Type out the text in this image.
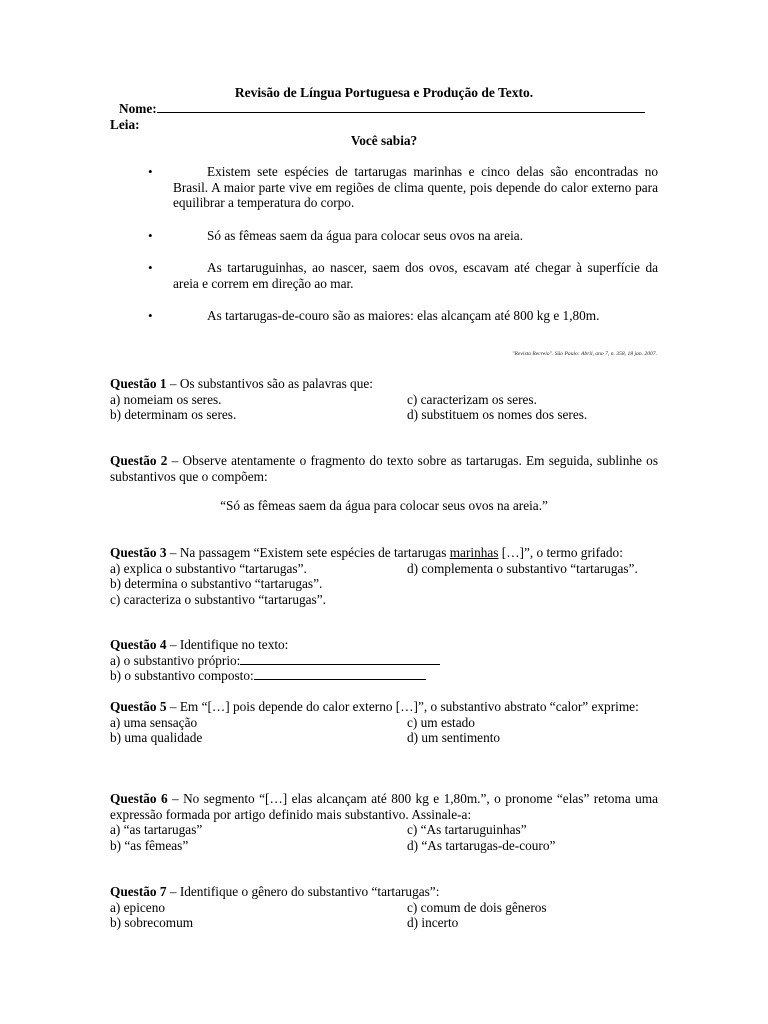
Revisão de Língua Portuguesa e Produção de Texto.
Nome:
Leia:
Você sabia?
•	Existem sete espécies de tartarugas marinhas e cinco delas são encontradas no Brasil. A maior parte vive em regiões de clima quente, pois depende do calor externo para equilibrar a temperatura do corpo.
•	Só as fêmeas saem da água para colocar seus ovos na areia.
•	As tartaruguinhas, ao nascer, saem dos ovos, escavam até chegar à superfície da areia e correm em direção ao mar.
•	As tartarugas-de-couro são as maiores: elas alcançam até 800 kg e 1,80m.
"Revista Recreio". São Paulo: Abril, ano 7, n. 358, 18 jan. 2007.
Questão 1 – Os substantivos são as palavras que:
a) nomeiam os seres.	c) caracterizam os seres.
b) determinam os seres.	d) substituem os nomes dos seres.
Questão 2 – Observe atentamente o fragmento do texto sobre as tartarugas. Em seguida, sublinhe os substantivos que o compõem:
“Só as fêmeas saem da água para colocar seus ovos na areia.”
Questão 3 – Na passagem “Existem sete espécies de tartarugas marinhas […]”, o termo grifado:
a) explica o substantivo “tartarugas”.	d) complementa o substantivo “tartarugas”.
b) determina o substantivo “tartarugas”.
c) caracteriza o substantivo “tartarugas”.
Questão 4 – Identifique no texto:
a) o substantivo próprio:
b) o substantivo composto:
Questão 5 – Em “[…] pois depende do calor externo […]”, o substantivo abstrato “calor” exprime:
a) uma sensação	c) um estado
b) uma qualidade	d) um sentimento
Questão 6 – No segmento “[…] elas alcançam até 800 kg e 1,80m.”, o pronome “elas” retoma uma expressão formada por artigo definido mais substantivo. Assinale-a:
a) “as tartarugas”	c) “As tartaruguinhas”
b) “as fêmeas”	d) “As tartarugas-de-couro”
Questão 7 – Identifique o gênero do substantivo “tartarugas”:
a) epiceno	c) comum de dois gêneros
b) sobrecomum	d) incerto
